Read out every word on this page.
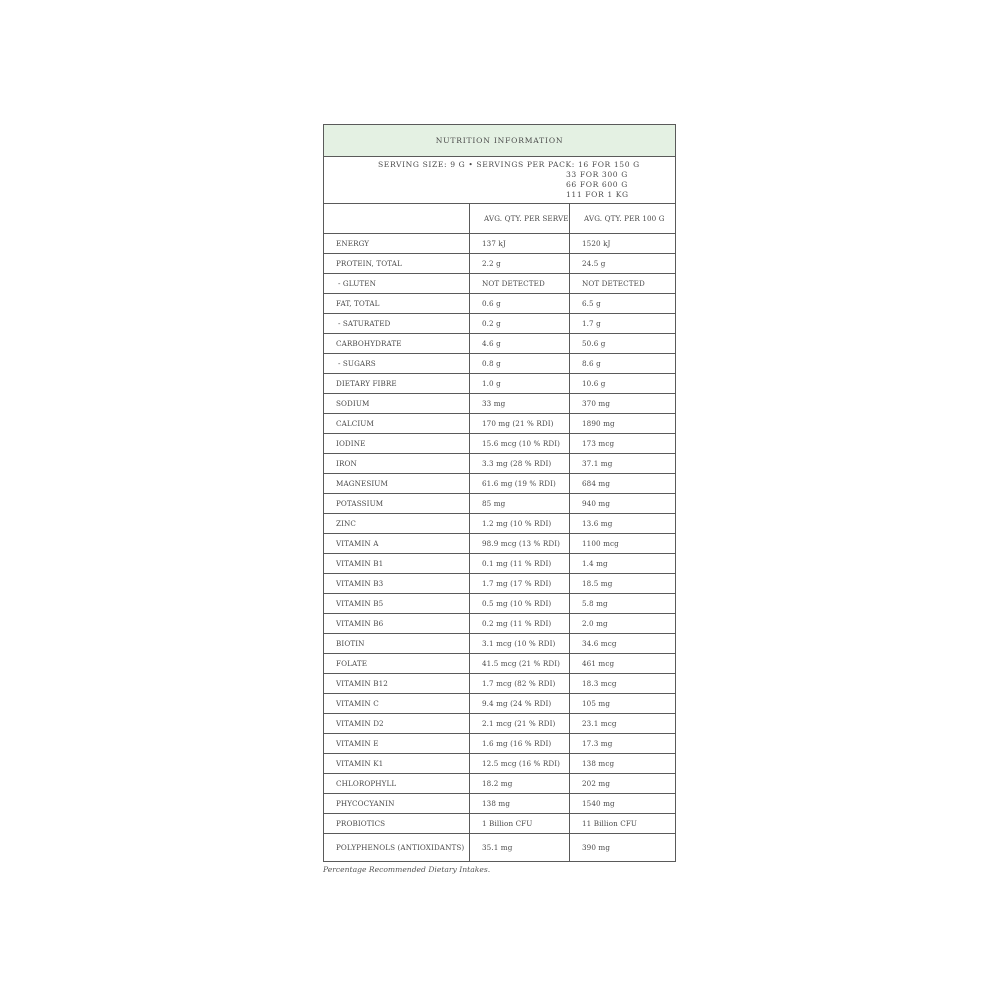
NUTRITION INFORMATION		

SERVING SIZE: 9 G • SERVINGS PER PACK: 16 FOR 150 G
33 FOR 300 G
66 FOR 600 G
111 FOR 1 KG		

	AVG. QTY. PER SERVE	AVG. QTY. PER 100 G
ENERGY	137 kJ	1520 kJ
PROTEIN, TOTAL	2.2 g	24.5 g
- GLUTEN	NOT DETECTED	NOT DETECTED
FAT, TOTAL	0.6 g	6.5 g
- SATURATED	0.2 g	1.7 g
CARBOHYDRATE	4.6 g	50.6 g
- SUGARS	0.8 g	8.6 g
DIETARY FIBRE	1.0 g	10.6 g
SODIUM	33 mg	370 mg
CALCIUM	170 mg (21 % RDI)	1890 mg
IODINE	15.6 mcg (10 % RDI)	173 mcg
IRON	3.3 mg (28 % RDI)	37.1 mg
MAGNESIUM	61.6 mg (19 % RDI)	684 mg
POTASSIUM	85 mg	940 mg
ZINC	1.2 mg (10 % RDI)	13.6 mg
VITAMIN A	98.9 mcg (13 % RDI)	1100 mcg
VITAMIN B1	0.1 mg (11 % RDI)	1.4 mg
VITAMIN B3	1.7 mg (17 % RDI)	18.5 mg
VITAMIN B5	0.5 mg (10 % RDI)	5.8 mg
VITAMIN B6	0.2 mg (11 % RDI)	2.0 mg
BIOTIN	3.1 mcg (10 % RDI)	34.6 mcg
FOLATE	41.5 mcg (21 % RDI)	461 mcg
VITAMIN B12	1.7 mcg (82 % RDI)	18.3 mcg
VITAMIN C	9.4 mg (24 % RDI)	105 mg
VITAMIN D2	2.1 mcg (21 % RDI)	23.1 mcg
VITAMIN E	1.6 mg (16 % RDI)	17.3 mg
VITAMIN K1	12.5 mcg (16 % RDI)	138 mcg
CHLOROPHYLL	18.2 mg	202 mg
PHYCOCYANIN	138 mg	1540 mg
PROBIOTICS	1 Billion CFU	11 Billion CFU
POLYPHENOLS (ANTIOXIDANTS)	35.1 mg	390 mg
Percentage Recommended Dietary Intakes.
